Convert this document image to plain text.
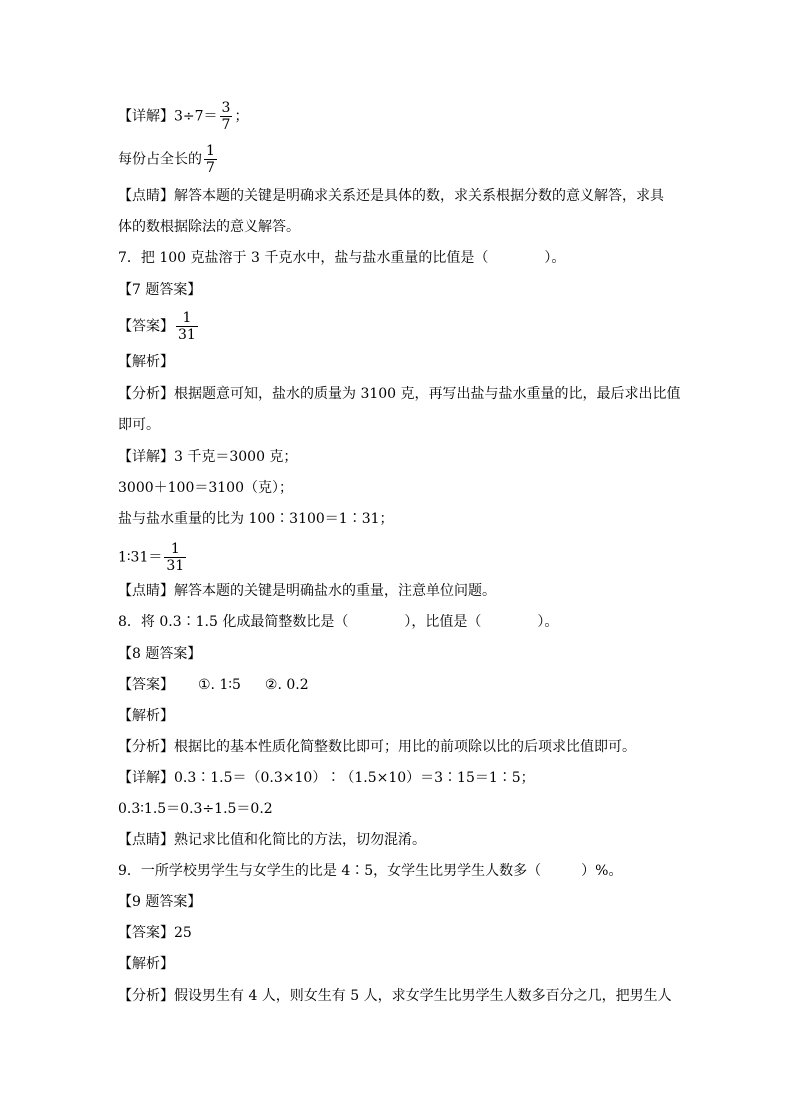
【详解】$3\div 7= \frac{3}{7}$ ；
每份占全长的 $\frac{1}{7}$
【点睛】解答本题的关键是明确求关系还是具体的数，求关系根据分数的意义解答，求具
体的数根据除法的意义解答。
7．把 100 克盐溶于 3 千克水中，盐与盐水重量的比值是（	）。
【7 题答案】
【答案】 $\frac{1}{31}$
【解析】
【分析】根据题意可知，盐水的质量为 3100 克，再写出盐与盐水重量的比，最后求出比值
即可。
【详解】3 千克＝3000 克；
3000＋100＝3100（克）；
盐与盐水重量的比为 100∶3100＝1∶31；
1∶31＝ $\frac{1}{31}$
【点睛】解答本题的关键是明确盐水的重量，注意单位问题。
8．将 0.3∶1.5 化成最简整数比是（	），比值是（	）。
【8 题答案】
【答案】 ①. 1∶5 ②. 0.2
【解析】
【分析】根据比的基本性质化简整数比即可；用比的前项除以比的后项求比值即可。
【详解】0.3∶1.5＝（0.3×10）∶（1.5×10）＝3∶15＝1∶5；
0.3∶1.5＝0.3÷1.5＝0.2
【点睛】熟记求比值和化简比的方法，切勿混淆。
9．一所学校男学生与女学生的比是 4∶5，女学生比男学生人数多（	）%。
【9 题答案】
【答案】25
【解析】
【分析】假设男生有 4 人，则女生有 5 人，求女学生比男学生人数多百分之几，把男生人
